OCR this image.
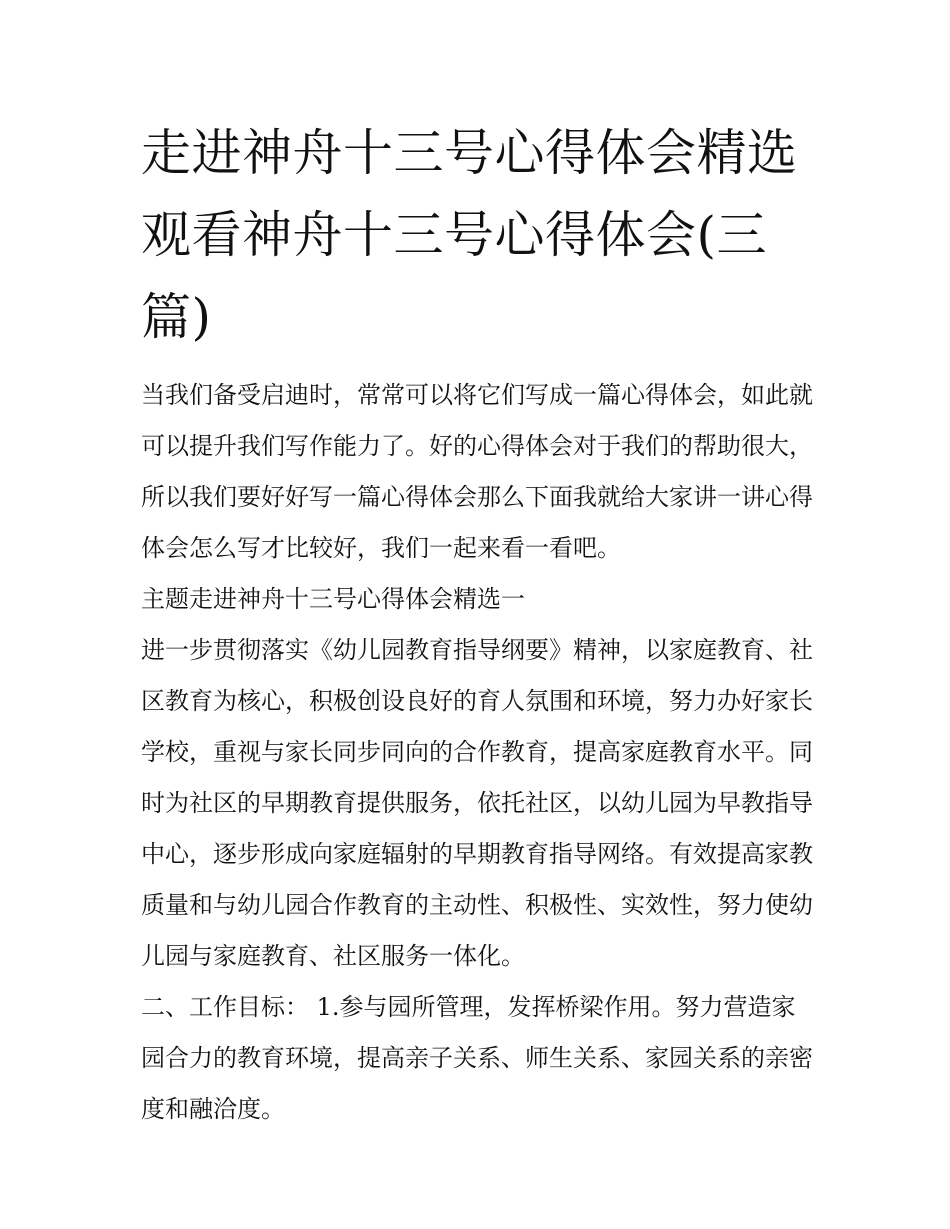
走进神舟十三号心得体会精选观看神舟十三号心得体会(三篇)

当我们备受启迪时，常常可以将它们写成一篇心得体会，如此就可以提升我们写作能力了。好的心得体会对于我们的帮助很大，所以我们要好好写一篇心得体会那么下面我就给大家讲一讲心得体会怎么写才比较好，我们一起来看一看吧。

主题走进神舟十三号心得体会精选一

进一步贯彻落实《幼儿园教育指导纲要》精神，以家庭教育、社区教育为核心，积极创设良好的育人氛围和环境，努力办好家长学校，重视与家长同步同向的合作教育，提高家庭教育水平。同时为社区的早期教育提供服务，依托社区，以幼儿园为早教指导中心，逐步形成向家庭辐射的早期教育指导网络。有效提高家教质量和与幼儿园合作教育的主动性、积极性、实效性，努力使幼儿园与家庭教育、社区服务一体化。

二、工作目标： 1.参与园所管理，发挥桥梁作用。努力营造家园合力的教育环境，提高亲子关系、师生关系、家园关系的亲密度和融洽度。
